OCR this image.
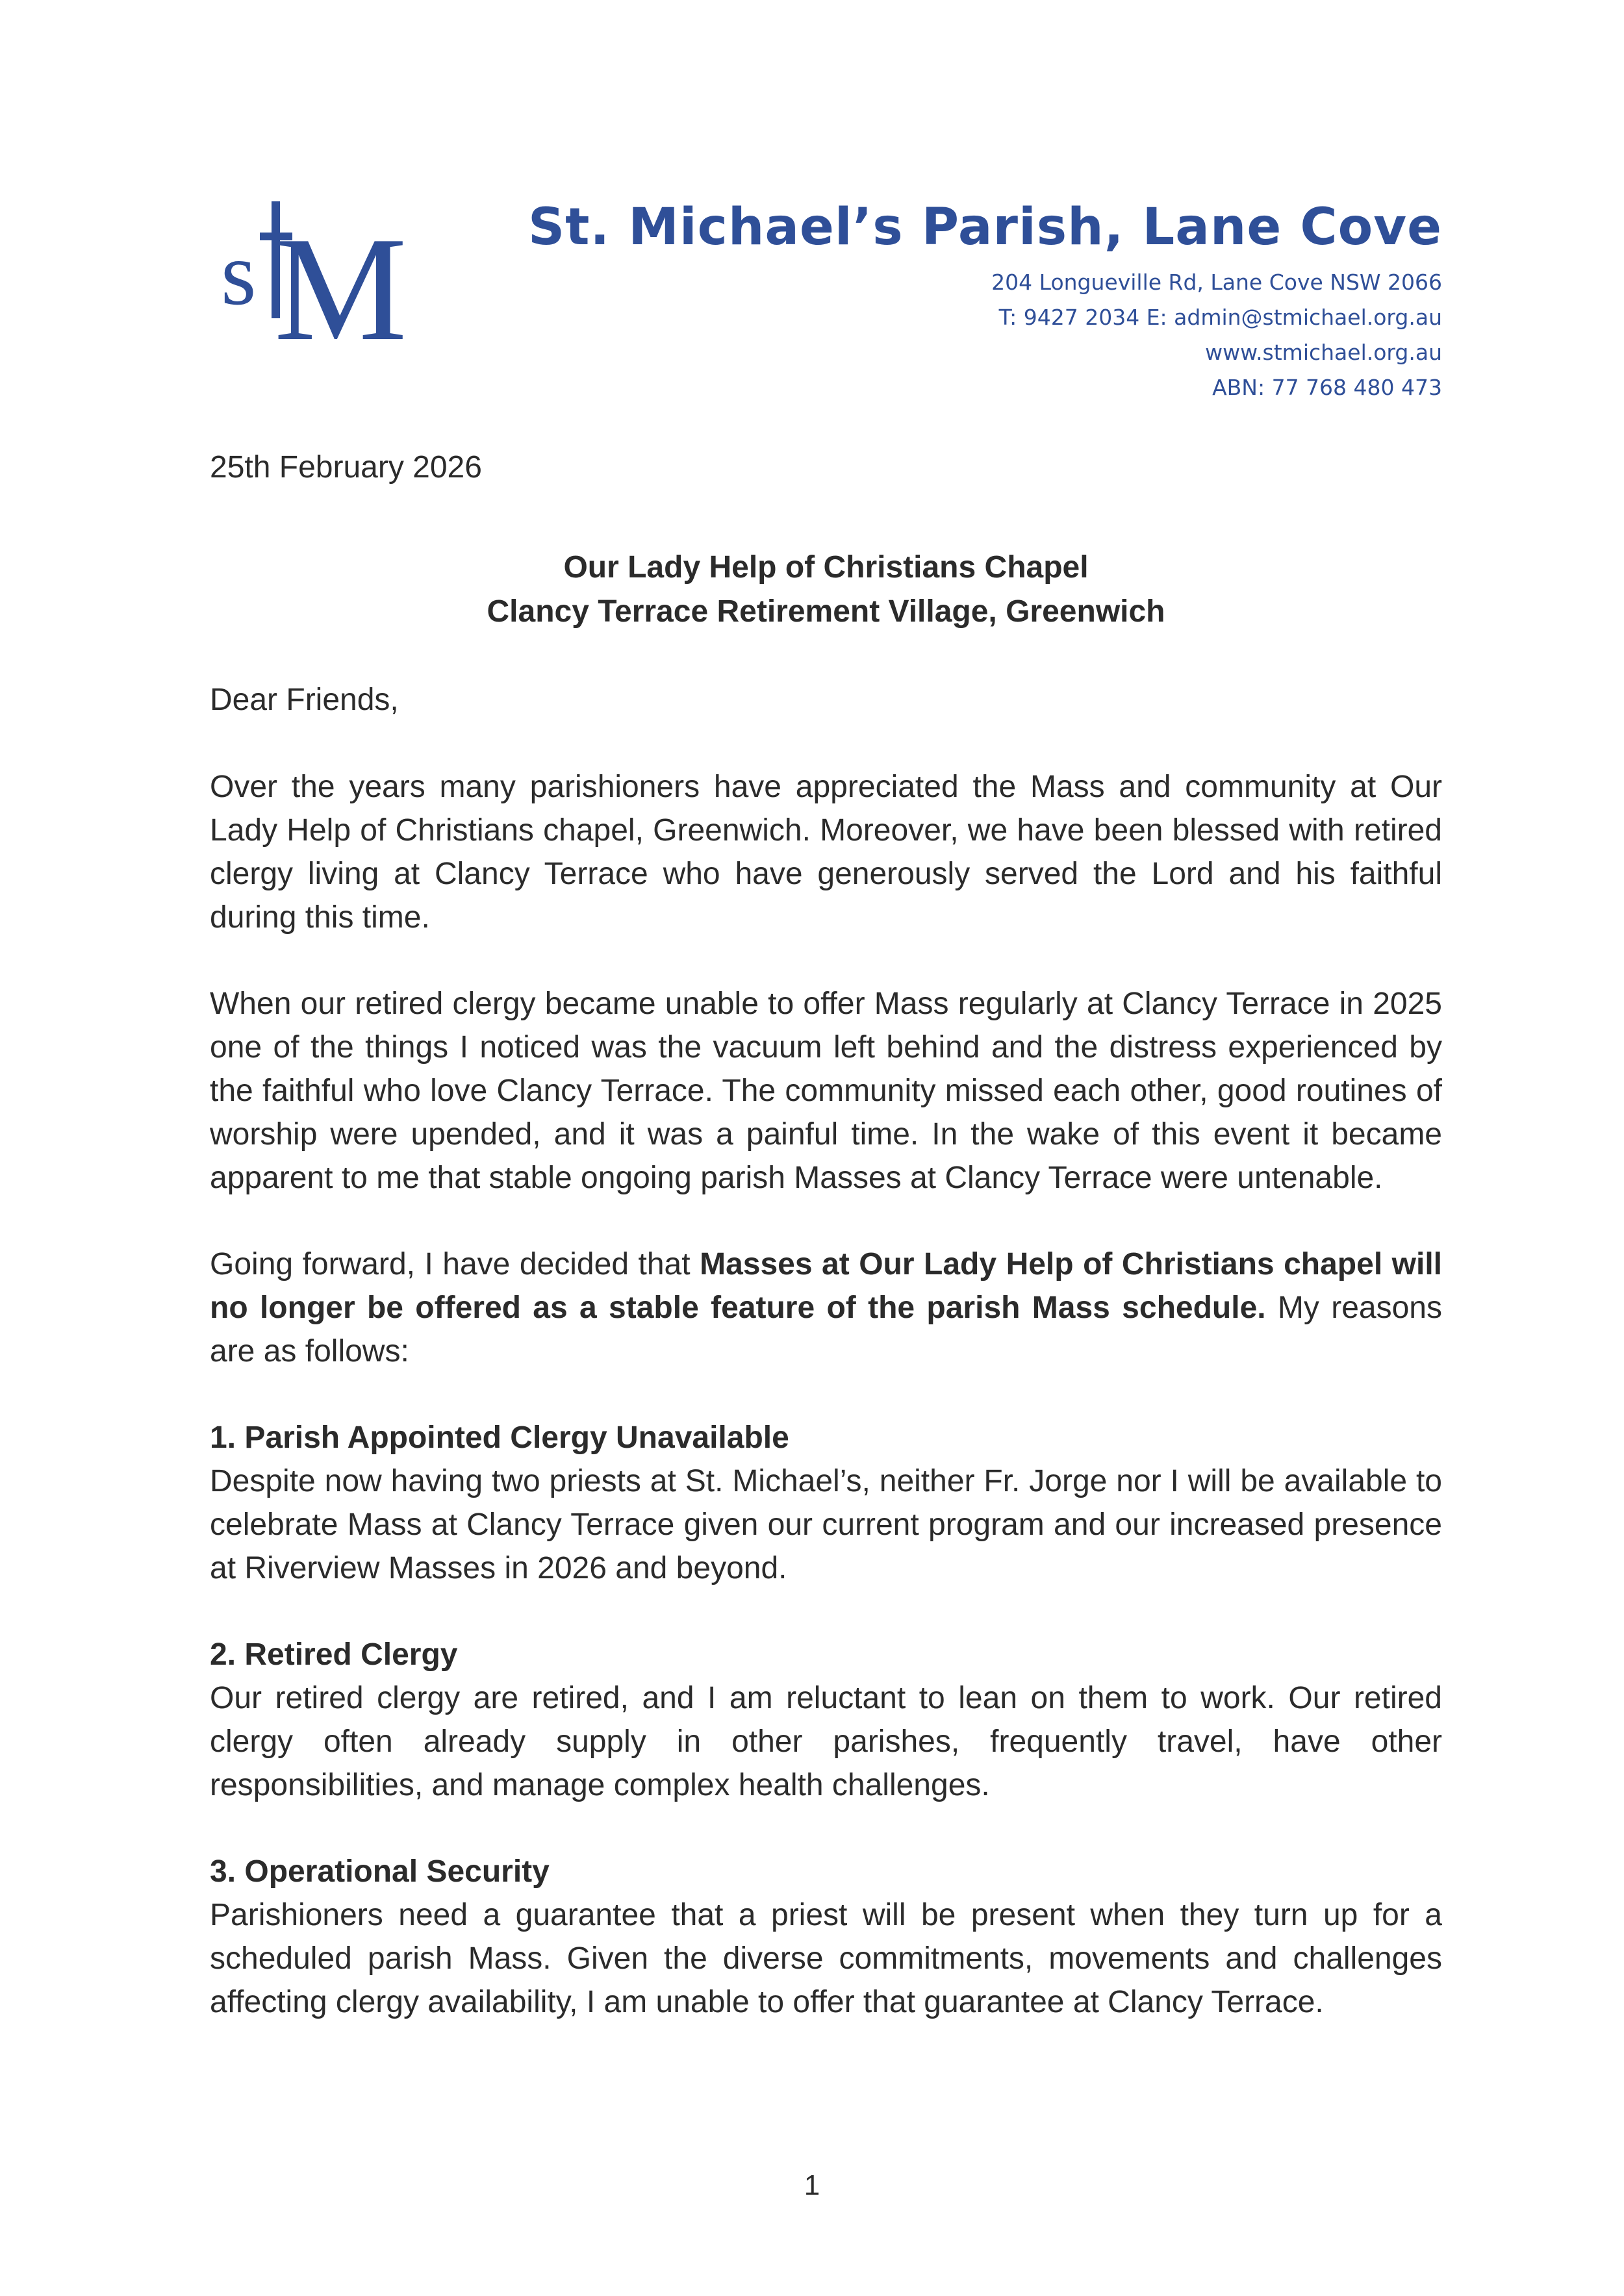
s M St. Michael’s Parish, Lane Cove
204 Longueville Rd, Lane Cove NSW 2066
T: 9427 2034 E: admin@stmichael.org.au
www.stmichael.org.au
ABN: 77 768 480 473
25th February 2026
Our Lady Help of Christians Chapel
Clancy Terrace Retirement Village, Greenwich
Dear Friends,
Over the years many parishioners have appreciated the Mass and community at Our Lady Help of Christians chapel, Greenwich. Moreover, we have been blessed with retired clergy living at Clancy Terrace who have generously served the Lord and his faithful during this time.
When our retired clergy became unable to offer Mass regularly at Clancy Terrace in 2025 one of the things I noticed was the vacuum left behind and the distress experienced by the faithful who love Clancy Terrace. The community missed each other, good routines of worship were upended, and it was a painful time. In the wake of this event it became apparent to me that stable ongoing parish Masses at Clancy Terrace were untenable.
Going forward, I have decided that Masses at Our Lady Help of Christians chapel will no longer be offered as a stable feature of the parish Mass schedule. My reasons are as follows:
1. Parish Appointed Clergy Unavailable
Despite now having two priests at St. Michael’s, neither Fr. Jorge nor I will be available to celebrate Mass at Clancy Terrace given our current program and our increased presence at Riverview Masses in 2026 and beyond.
2. Retired Clergy
Our retired clergy are retired, and I am reluctant to lean on them to work. Our retired clergy often already supply in other parishes, frequently travel, have other responsibilities, and manage complex health challenges.
3. Operational Security
Parishioners need a guarantee that a priest will be present when they turn up for a scheduled parish Mass. Given the diverse commitments, movements and challenges affecting clergy availability, I am unable to offer that guarantee at Clancy Terrace.
1
